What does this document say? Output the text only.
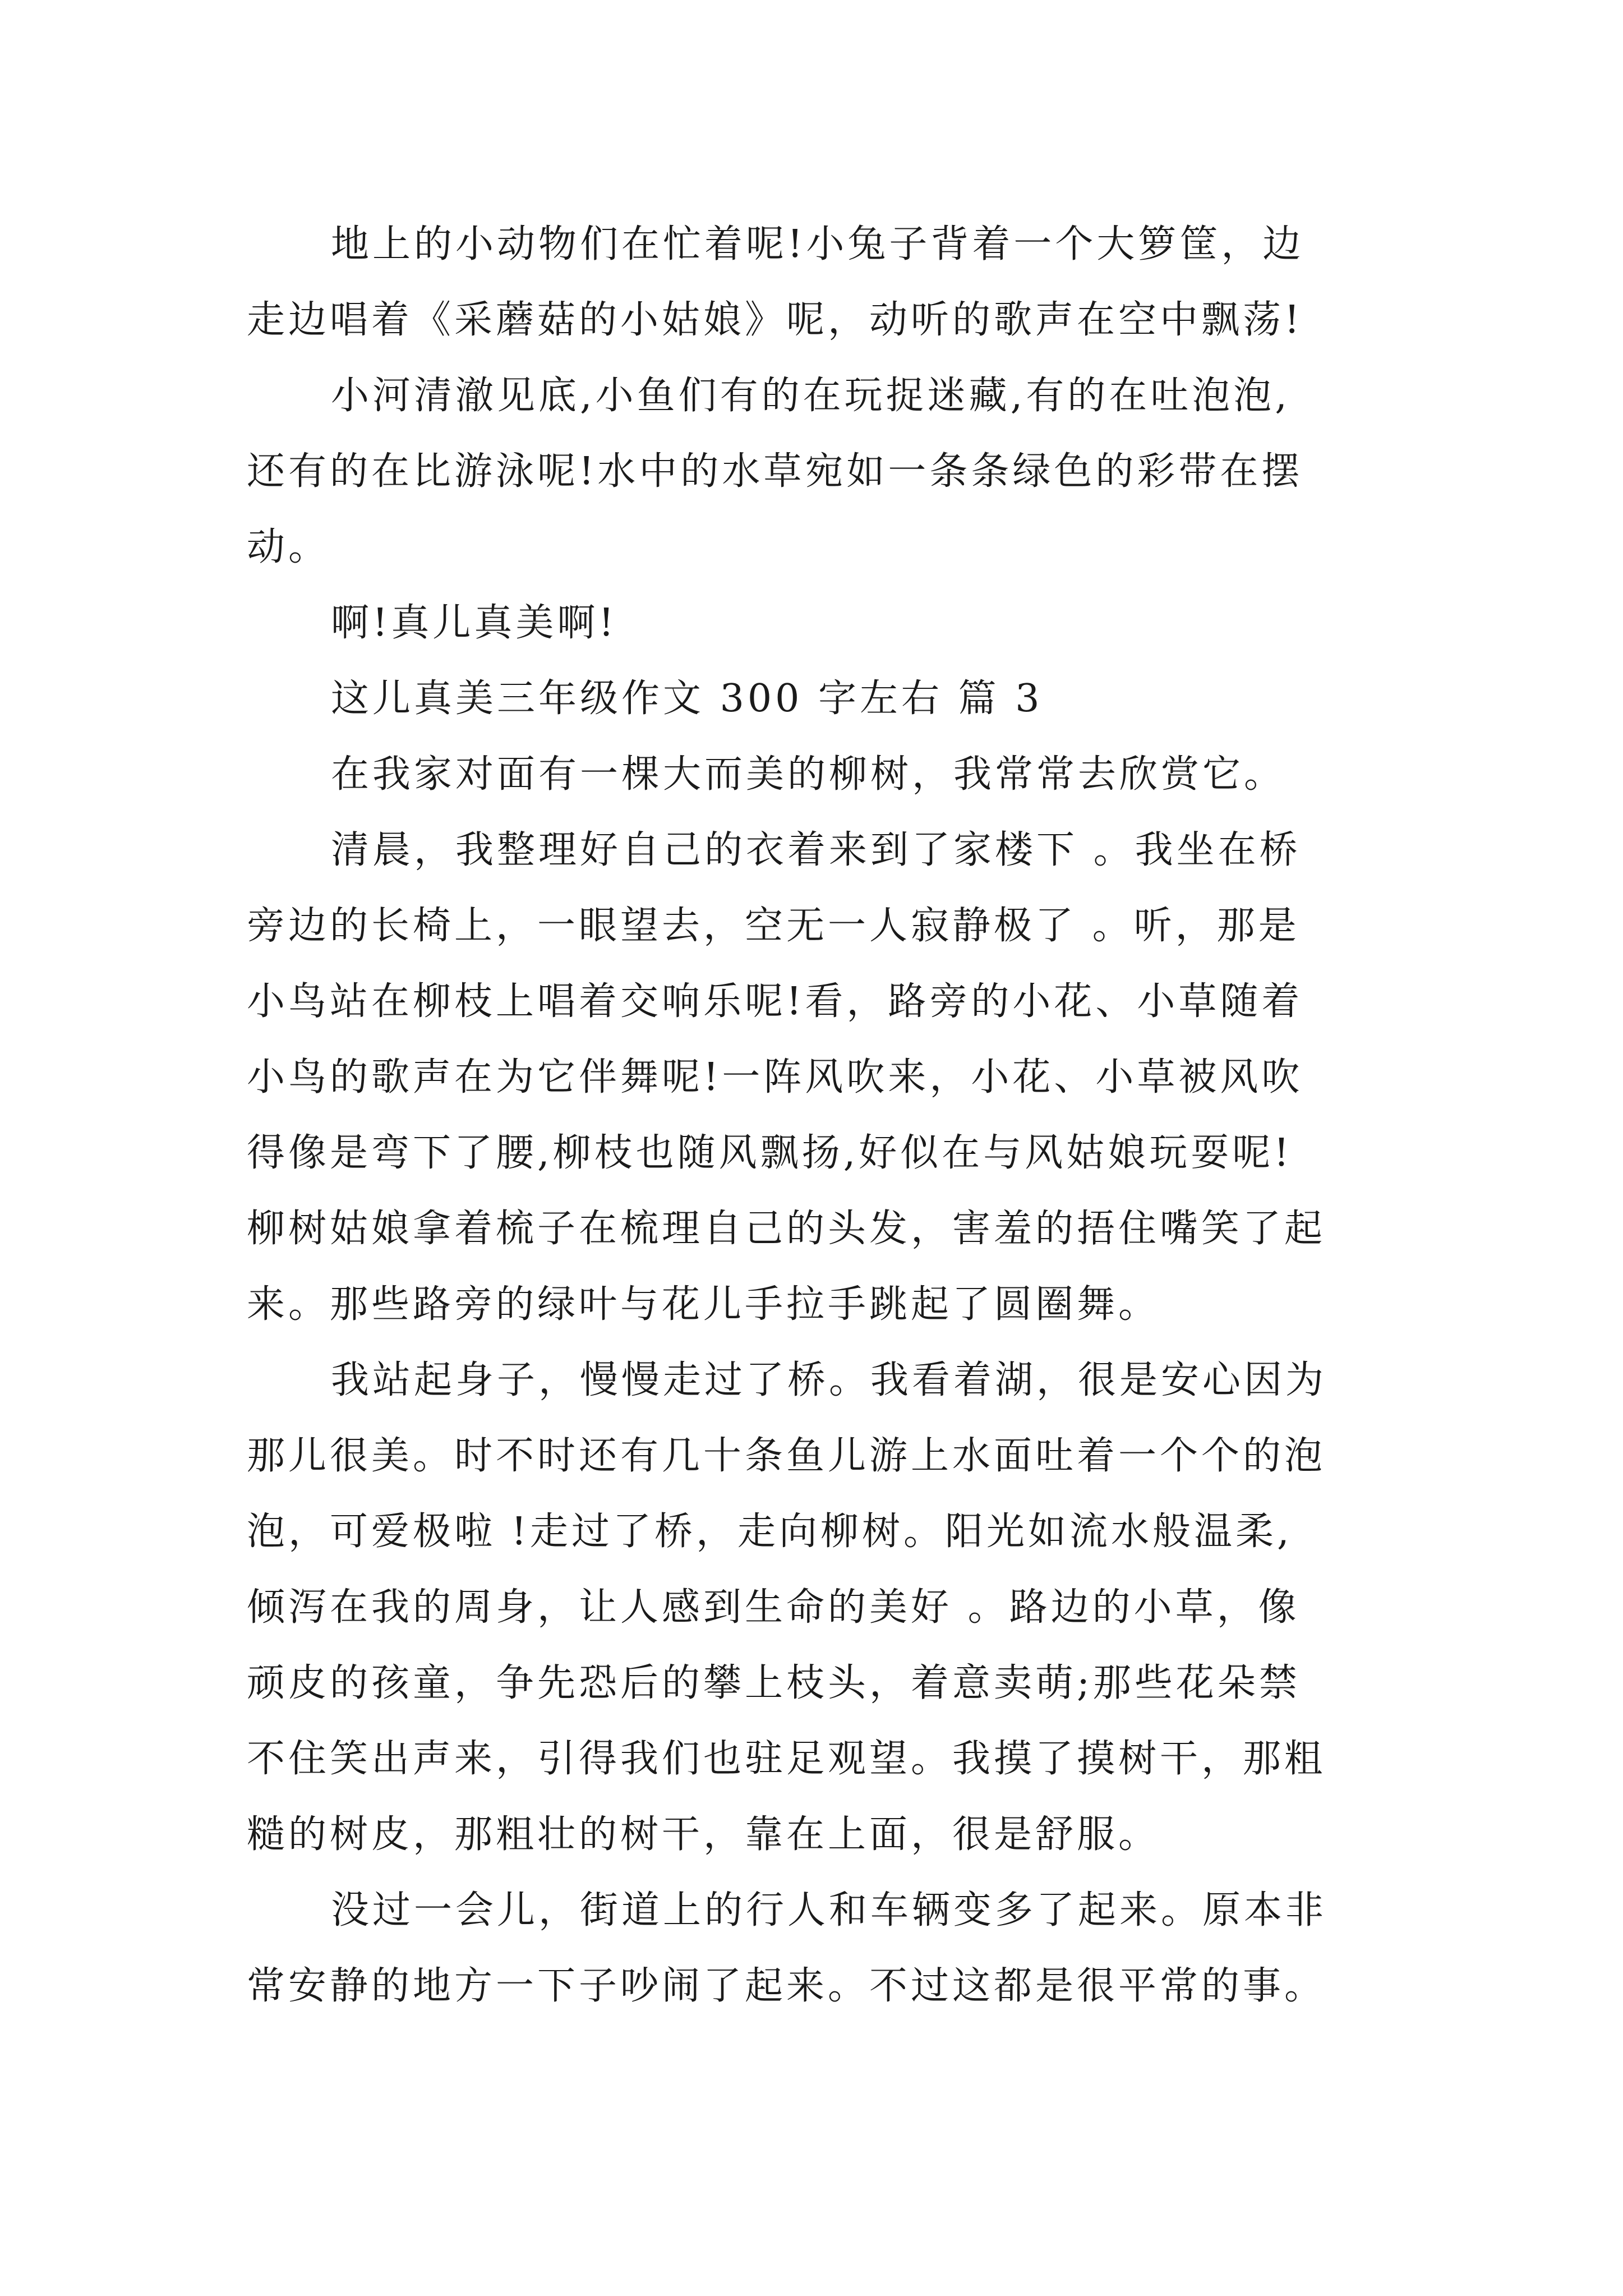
地上的小动物们在忙着呢!小兔子背着一个大箩筐，边
走边唱着《采蘑菇的小姑娘》呢，动听的歌声在空中飘荡!
小河清澈见底,小鱼们有的在玩捉迷藏,有的在吐泡泡,
还有的在比游泳呢!水中的水草宛如一条条绿色的彩带在摆
动。
啊!真儿真美啊!
这儿真美三年级作文 300 字左右 篇 3
在我家对面有一棵大而美的柳树，我常常去欣赏它。
清晨，我整理好自己的衣着来到了家楼下 。我坐在桥
旁边的长椅上，一眼望去，空无一人寂静极了 。听，那是
小鸟站在柳枝上唱着交响乐呢!看，路旁的小花、小草随着
小鸟的歌声在为它伴舞呢!一阵风吹来，小花、小草被风吹
得像是弯下了腰,柳枝也随风飘扬,好似在与风姑娘玩耍呢!
柳树姑娘拿着梳子在梳理自己的头发，害羞的捂住嘴笑了起
来。那些路旁的绿叶与花儿手拉手跳起了圆圈舞。
我站起身子，慢慢走过了桥。我看着湖，很是安心因为
那儿很美。时不时还有几十条鱼儿游上水面吐着一个个的泡
泡，可爱极啦 !走过了桥，走向柳树。阳光如流水般温柔,
倾泻在我的周身，让人感到生命的美好 。路边的小草，像
顽皮的孩童，争先恐后的攀上枝头，着意卖萌;那些花朵禁
不住笑出声来，引得我们也驻足观望。我摸了摸树干，那粗
糙的树皮，那粗壮的树干，靠在上面，很是舒服。
没过一会儿，街道上的行人和车辆变多了起来。原本非
常安静的地方一下子吵闹了起来。不过这都是很平常的事。
